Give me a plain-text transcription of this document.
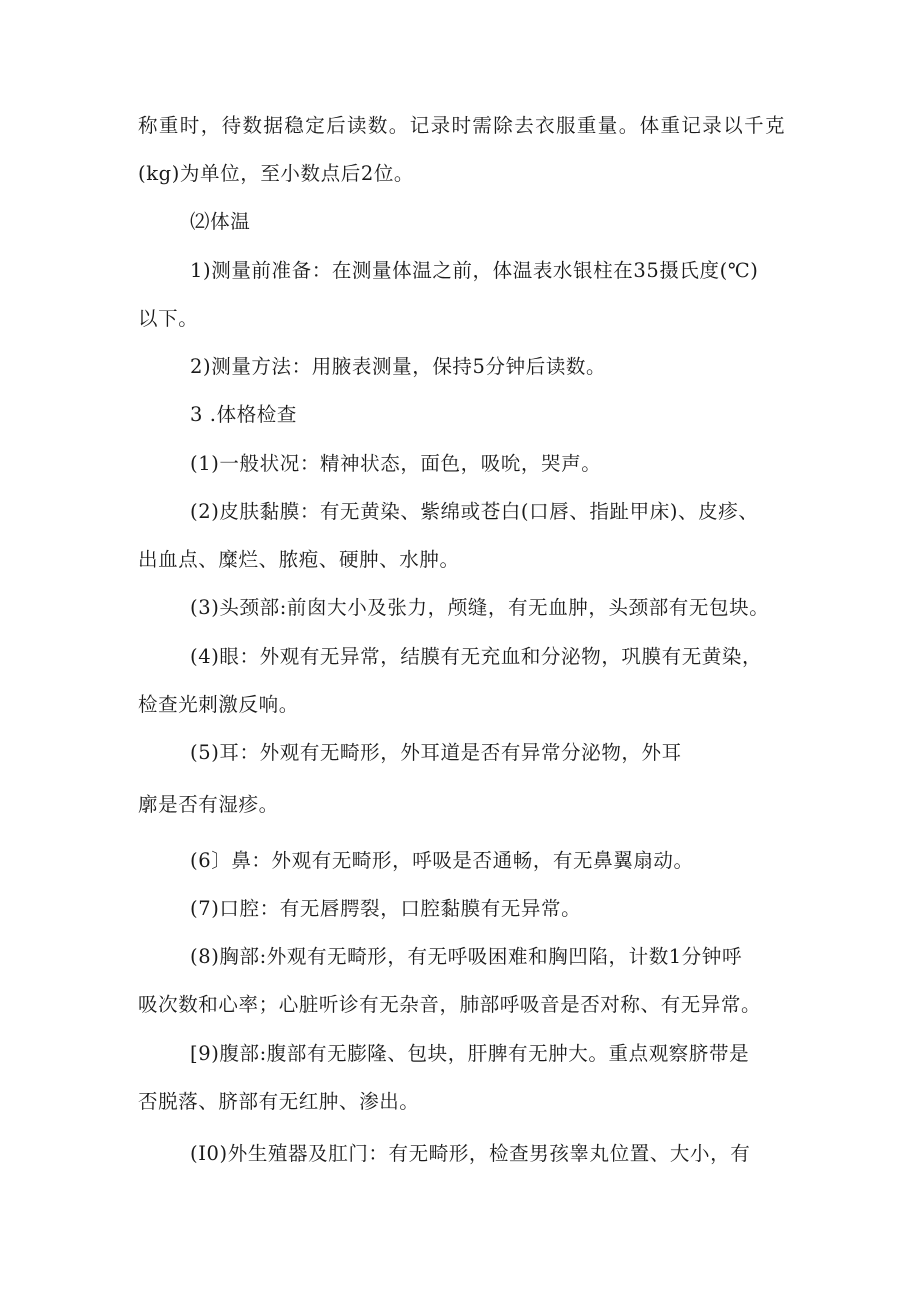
称重时，待数据稳定后读数。记录时需除去衣服重量。体重记录以千克
(kg)为单位，至小数点后2位。
⑵体温
1)测量前准备：在测量体温之前，体温表水银柱在35摄氏度(℃)
以下。
2)测量方法：用腋表测量，保持5分钟后读数。
3 .体格检查
(1)一般状况：精神状态，面色，吸吮，哭声。
(2)皮肤黏膜：有无黄染、紫绵或苍白(口唇、指趾甲床)、皮疹、
出血点、糜烂、脓疱、硬肿、水肿。
(3)头颈部:前囱大小及张力，颅缝，有无血肿，头颈部有无包块。
(4)眼：外观有无异常，结膜有无充血和分泌物，巩膜有无黄染，
检查光刺激反响。
(5)耳：外观有无畸形，外耳道是否有异常分泌物，外耳
廓是否有湿疹。
(6〕鼻：外观有无畸形，呼吸是否通畅，有无鼻翼扇动。
(7)口腔：有无唇腭裂，口腔黏膜有无异常。
(8)胸部:外观有无畸形，有无呼吸困难和胸凹陷，计数1分钟呼
吸次数和心率；心脏听诊有无杂音，肺部呼吸音是否对称、有无异常。
[9)腹部:腹部有无膨隆、包块，肝脾有无肿大。重点观察脐带是
否脱落、脐部有无红肿、渗出。
(I0)外生殖器及肛门：有无畸形，检查男孩睾丸位置、大小，有
